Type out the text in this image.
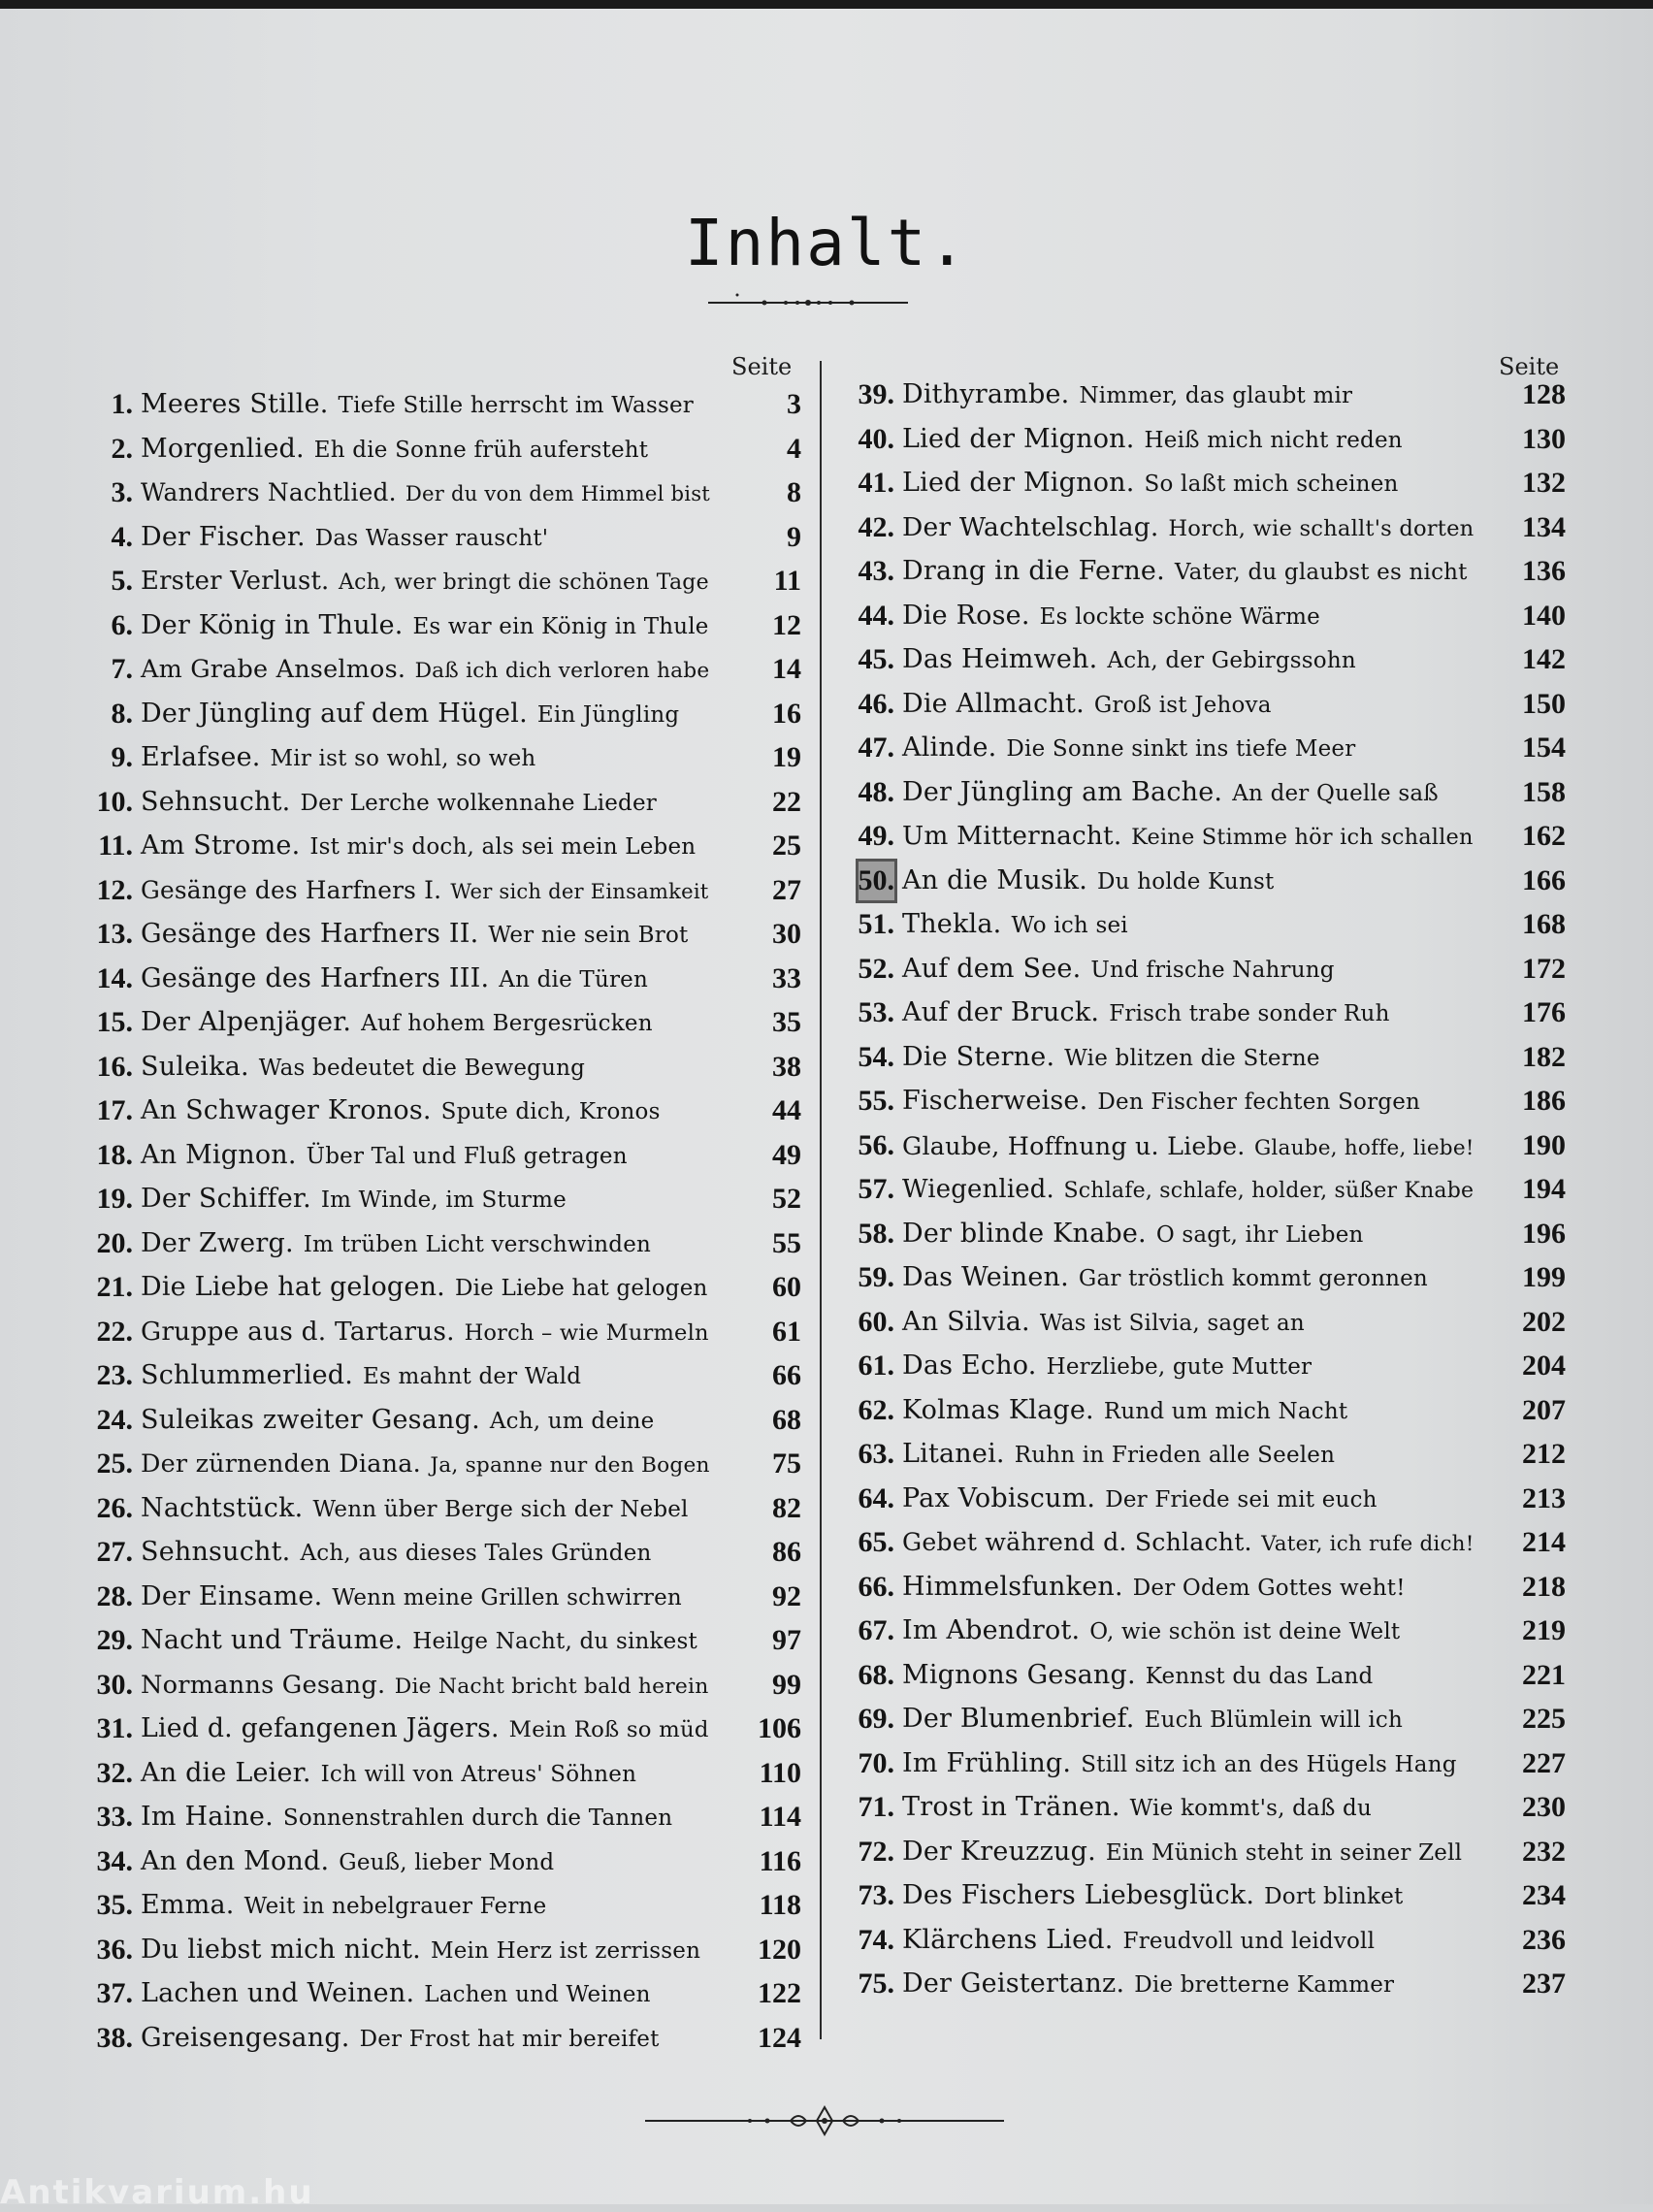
Inhalt.
Seite	Seite
1. Meeres Stille. Tiefe Stille herrscht im Wasser	3
2. Morgenlied. Eh die Sonne früh aufersteht	4
3. Wandrers Nachtlied. Der du von dem Himmel bist	8
4. Der Fischer. Das Wasser rauscht'	9
5. Erster Verlust. Ach, wer bringt die schönen Tage	11
6. Der König in Thule. Es war ein König in Thule	12
7. Am Grabe Anselmos. Daß ich dich verloren habe	14
8. Der Jüngling auf dem Hügel. Ein Jüngling	16
9. Erlafsee. Mir ist so wohl, so weh	19
10. Sehnsucht. Der Lerche wolkennahe Lieder	22
11. Am Strome. Ist mir's doch, als sei mein Leben	25
12. Gesänge des Harfners I. Wer sich der Einsamkeit	27
13. Gesänge des Harfners II. Wer nie sein Brot	30
14. Gesänge des Harfners III. An die Türen	33
15. Der Alpenjäger. Auf hohem Bergesrücken	35
16. Suleika. Was bedeutet die Bewegung	38
17. An Schwager Kronos. Spute dich, Kronos	44
18. An Mignon. Über Tal und Fluß getragen	49
19. Der Schiffer. Im Winde, im Sturme	52
20. Der Zwerg. Im trüben Licht verschwinden	55
21. Die Liebe hat gelogen. Die Liebe hat gelogen	60
22. Gruppe aus d. Tartarus. Horch – wie Murmeln	61
23. Schlummerlied. Es mahnt der Wald	66
24. Suleikas zweiter Gesang. Ach, um deine	68
25. Der zürnenden Diana. Ja, spanne nur den Bogen	75
26. Nachtstück. Wenn über Berge sich der Nebel	82
27. Sehnsucht. Ach, aus dieses Tales Gründen	86
28. Der Einsame. Wenn meine Grillen schwirren	92
29. Nacht und Träume. Heilge Nacht, du sinkest	97
30. Normanns Gesang. Die Nacht bricht bald herein	99
31. Lied d. gefangenen Jägers. Mein Roß so müd	106
32. An die Leier. Ich will von Atreus' Söhnen	110
33. Im Haine. Sonnenstrahlen durch die Tannen	114
34. An den Mond. Geuß, lieber Mond	116
35. Emma. Weit in nebelgrauer Ferne	118
36. Du liebst mich nicht. Mein Herz ist zerrissen	120
37. Lachen und Weinen. Lachen und Weinen	122
38. Greisengesang. Der Frost hat mir bereifet	124
39. Dithyrambe. Nimmer, das glaubt mir	128
40. Lied der Mignon. Heiß mich nicht reden	130
41. Lied der Mignon. So laßt mich scheinen	132
42. Der Wachtelschlag. Horch, wie schallt's dorten	134
43. Drang in die Ferne. Vater, du glaubst es nicht	136
44. Die Rose. Es lockte schöne Wärme	140
45. Das Heimweh. Ach, der Gebirgssohn	142
46. Die Allmacht. Groß ist Jehova	150
47. Alinde. Die Sonne sinkt ins tiefe Meer	154
48. Der Jüngling am Bache. An der Quelle saß	158
49. Um Mitternacht. Keine Stimme hör ich schallen	162
50. An die Musik. Du holde Kunst	166
51. Thekla. Wo ich sei	168
52. Auf dem See. Und frische Nahrung	172
53. Auf der Bruck. Frisch trabe sonder Ruh	176
54. Die Sterne. Wie blitzen die Sterne	182
55. Fischerweise. Den Fischer fechten Sorgen	186
56. Glaube, Hoffnung u. Liebe. Glaube, hoffe, liebe!	190
57. Wiegenlied. Schlafe, schlafe, holder, süßer Knabe	194
58. Der blinde Knabe. O sagt, ihr Lieben	196
59. Das Weinen. Gar tröstlich kommt geronnen	199
60. An Silvia. Was ist Silvia, saget an	202
61. Das Echo. Herzliebe, gute Mutter	204
62. Kolmas Klage. Rund um mich Nacht	207
63. Litanei. Ruhn in Frieden alle Seelen	212
64. Pax Vobiscum. Der Friede sei mit euch	213
65. Gebet während d. Schlacht. Vater, ich rufe dich!	214
66. Himmelsfunken. Der Odem Gottes weht!	218
67. Im Abendrot. O, wie schön ist deine Welt	219
68. Mignons Gesang. Kennst du das Land	221
69. Der Blumenbrief. Euch Blümlein will ich	225
70. Im Frühling. Still sitz ich an des Hügels Hang	227
71. Trost in Tränen. Wie kommt's, daß du	230
72. Der Kreuzzug. Ein Münich steht in seiner Zell	232
73. Des Fischers Liebesglück. Dort blinket	234
74. Klärchens Lied. Freudvoll und leidvoll	236
75. Der Geistertanz. Die bretterne Kammer	237
Antikvarium.hu
